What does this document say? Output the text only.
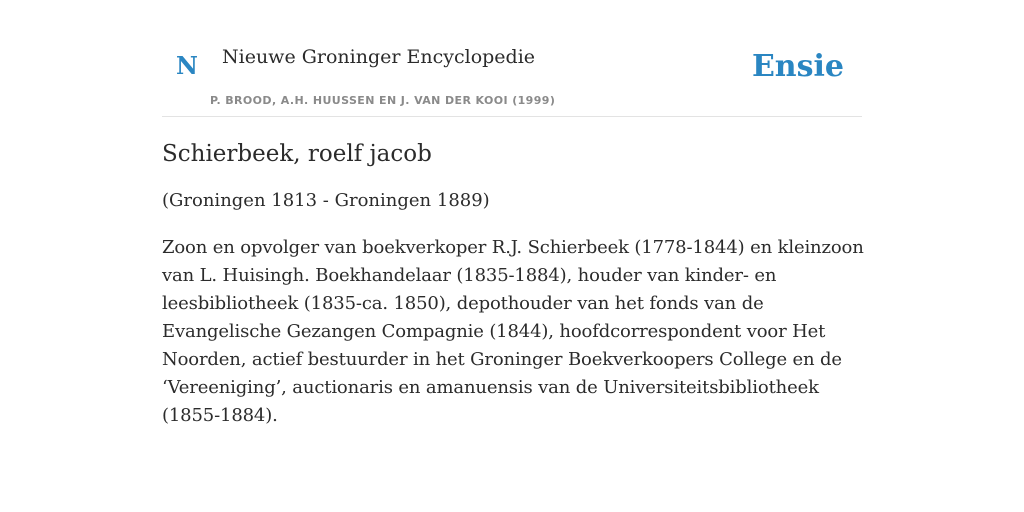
N Nieuwe Groninger Encyclopedie
P. BROOD, A.H. HUUSSEN EN J. VAN DER KOOI (1999)
Ensie
Schierbeek, roelf jacob

(Groningen 1813 - Groningen 1889)

Zoon en opvolger van boekverkoper R.J. Schierbeek (1778-1844) en kleinzoon van L. Huisingh. Boekhandelaar (1835-1884), houder van kinder- en leesbibliotheek (1835-ca. 1850), depothouder van het fonds van de Evangelische Gezangen Compagnie (1844), hoofdcorrespondent voor Het Noorden, actief bestuurder in het Groninger Boekverkoopers College en de ‘Vereeniging’, auctionaris en amanuensis van de Universiteitsbibliotheek (1855-1884).
